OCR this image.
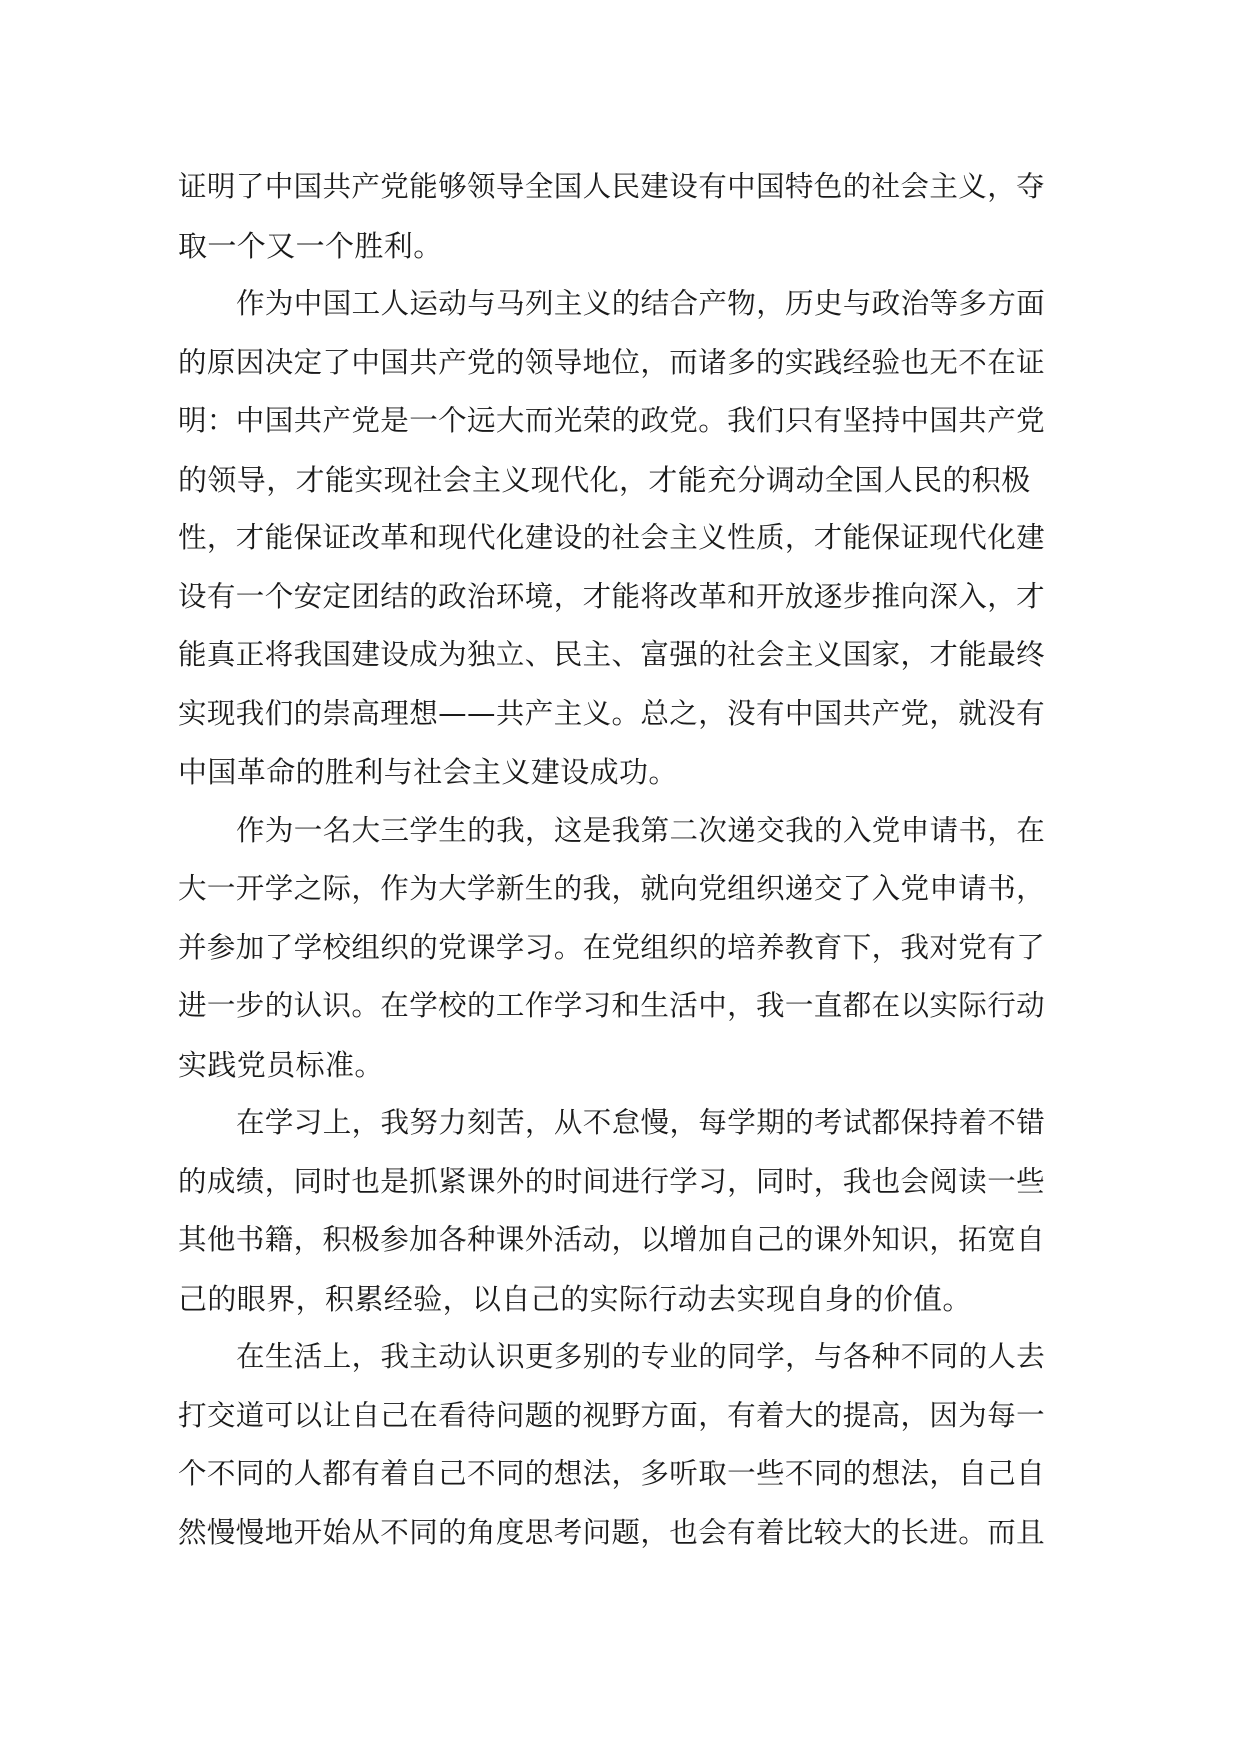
证明了中国共产党能够领导全国人民建设有中国特色的社会主义，夺
取一个又一个胜利。
作为中国工人运动与马列主义的结合产物，历史与政治等多方面
的原因决定了中国共产党的领导地位，而诸多的实践经验也无不在证
明：中国共产党是一个远大而光荣的政党。我们只有坚持中国共产党
的领导，才能实现社会主义现代化，才能充分调动全国人民的积极
性，才能保证改革和现代化建设的社会主义性质，才能保证现代化建
设有一个安定团结的政治环境，才能将改革和开放逐步推向深入，才
能真正将我国建设成为独立、民主、富强的社会主义国家，才能最终
实现我们的崇高理想——共产主义。总之，没有中国共产党，就没有
中国革命的胜利与社会主义建设成功。
作为一名大三学生的我，这是我第二次递交我的入党申请书，在
大一开学之际，作为大学新生的我，就向党组织递交了入党申请书，
并参加了学校组织的党课学习。在党组织的培养教育下，我对党有了
进一步的认识。在学校的工作学习和生活中，我一直都在以实际行动
实践党员标准。
在学习上，我努力刻苦，从不怠慢，每学期的考试都保持着不错
的成绩，同时也是抓紧课外的时间进行学习，同时，我也会阅读一些
其他书籍，积极参加各种课外活动，以增加自己的课外知识，拓宽自
己的眼界，积累经验，以自己的实际行动去实现自身的价值。
在生活上，我主动认识更多别的专业的同学，与各种不同的人去
打交道可以让自己在看待问题的视野方面，有着大的提高，因为每一
个不同的人都有着自己不同的想法，多听取一些不同的想法，自己自
然慢慢地开始从不同的角度思考问题，也会有着比较大的长进。而且
